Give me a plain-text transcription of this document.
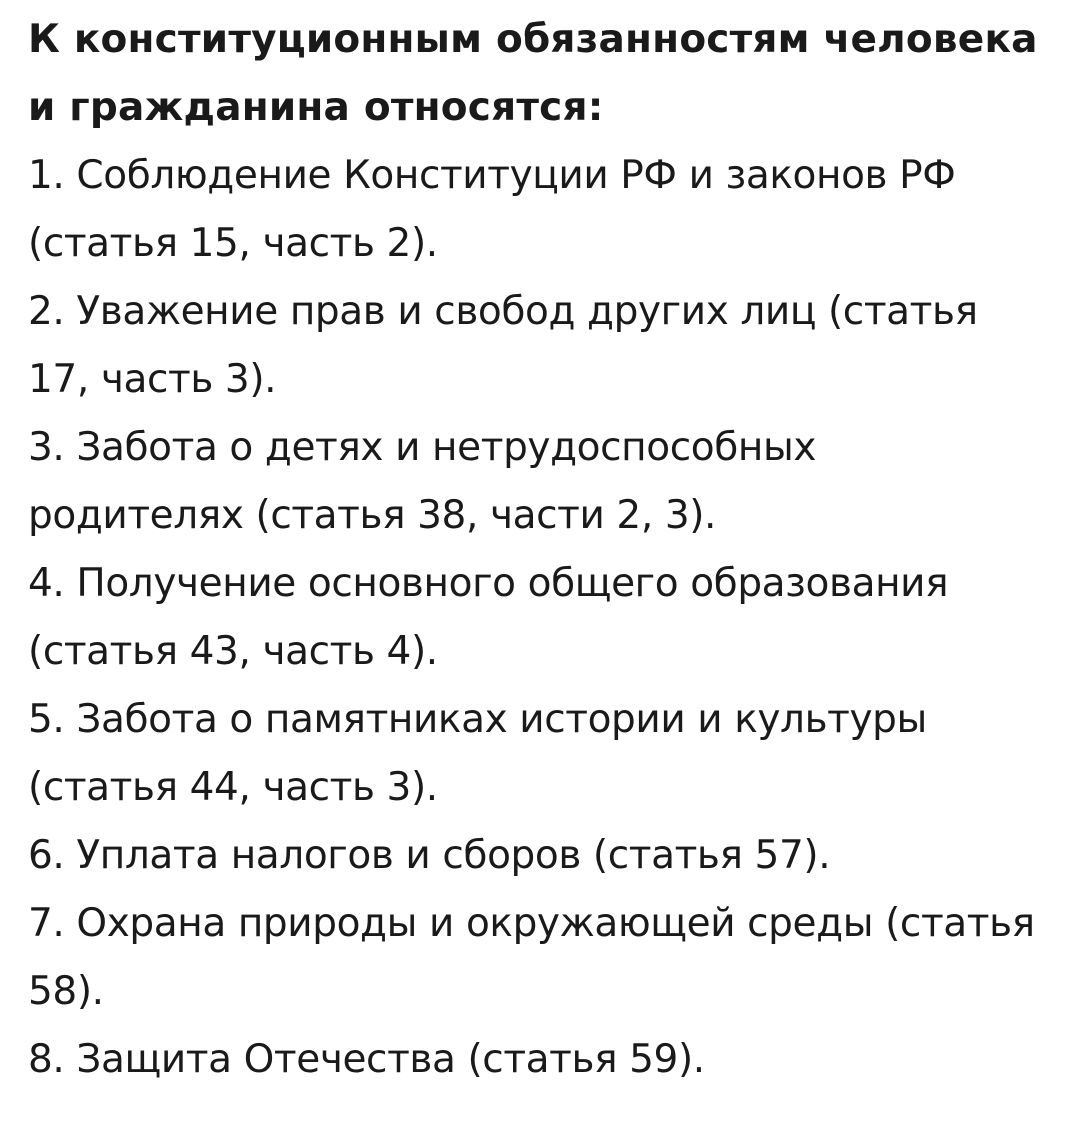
К конституционным обязанностям человека и гражданина относятся:
1. Соблюдение Конституции РФ и законов РФ (статья 15, часть 2).
2. Уважение прав и свобод других лиц (статья 17, часть 3).
3. Забота о детях и нетрудоспособных родителях (статья 38, части 2, 3).
4. Получение основного общего образования (статья 43, часть 4).
5. Забота о памятниках истории и культуры (статья 44, часть 3).
6. Уплата налогов и сборов (статья 57).
7. Охрана природы и окружающей среды (статья 58).
8. Защита Отечества (статья 59).
